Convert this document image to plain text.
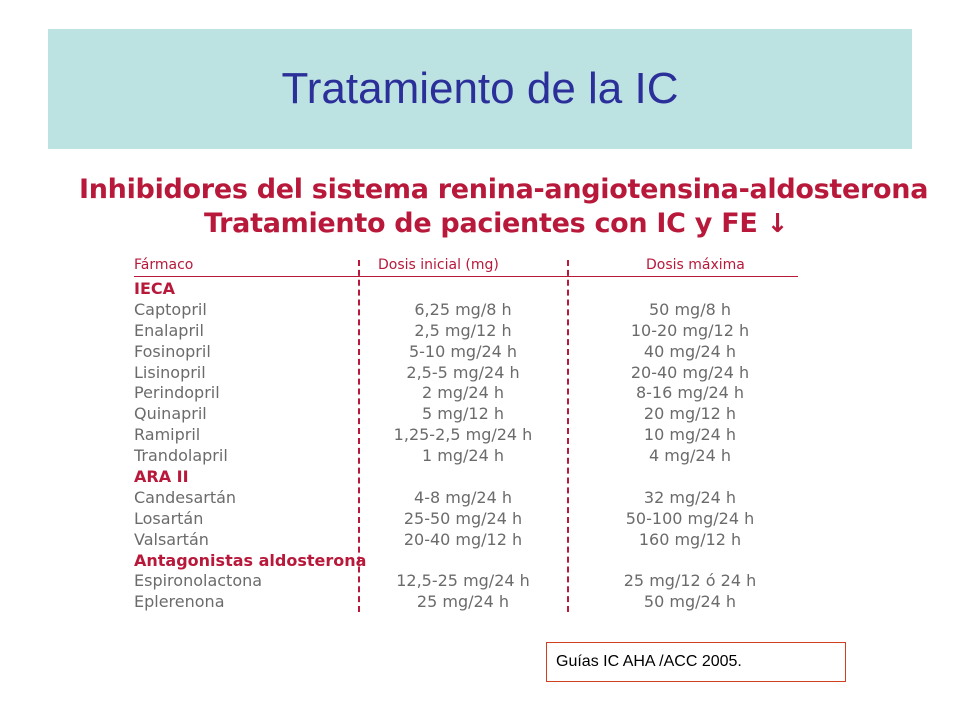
Tratamiento de la IC
Inhibidores del sistema renina-angiotensina-aldosterona
Tratamiento de pacientes con IC y FE ↓
Fármaco	Dosis inicial (mg)	Dosis máxima
IECA
Captopril	6,25 mg/8 h	50 mg/8 h
Enalapril	2,5 mg/12 h	10-20 mg/12 h
Fosinopril	5-10 mg/24 h	40 mg/24 h
Lisinopril	2,5-5 mg/24 h	20-40 mg/24 h
Perindopril	2 mg/24 h	8-16 mg/24 h
Quinapril	5 mg/12 h	20 mg/12 h
Ramipril	1,25-2,5 mg/24 h	10 mg/24 h
Trandolapril	1 mg/24 h	4 mg/24 h
ARA II
Candesartán	4-8 mg/24 h	32 mg/24 h
Losartán	25-50 mg/24 h	50-100 mg/24 h
Valsartán	20-40 mg/12 h	160 mg/12 h
Antagonistas aldosterona
Espironolactona	12,5-25 mg/24 h	25 mg/12 ó 24 h
Eplerenona	25 mg/24 h	50 mg/24 h
Guías IC AHA /ACC 2005.
